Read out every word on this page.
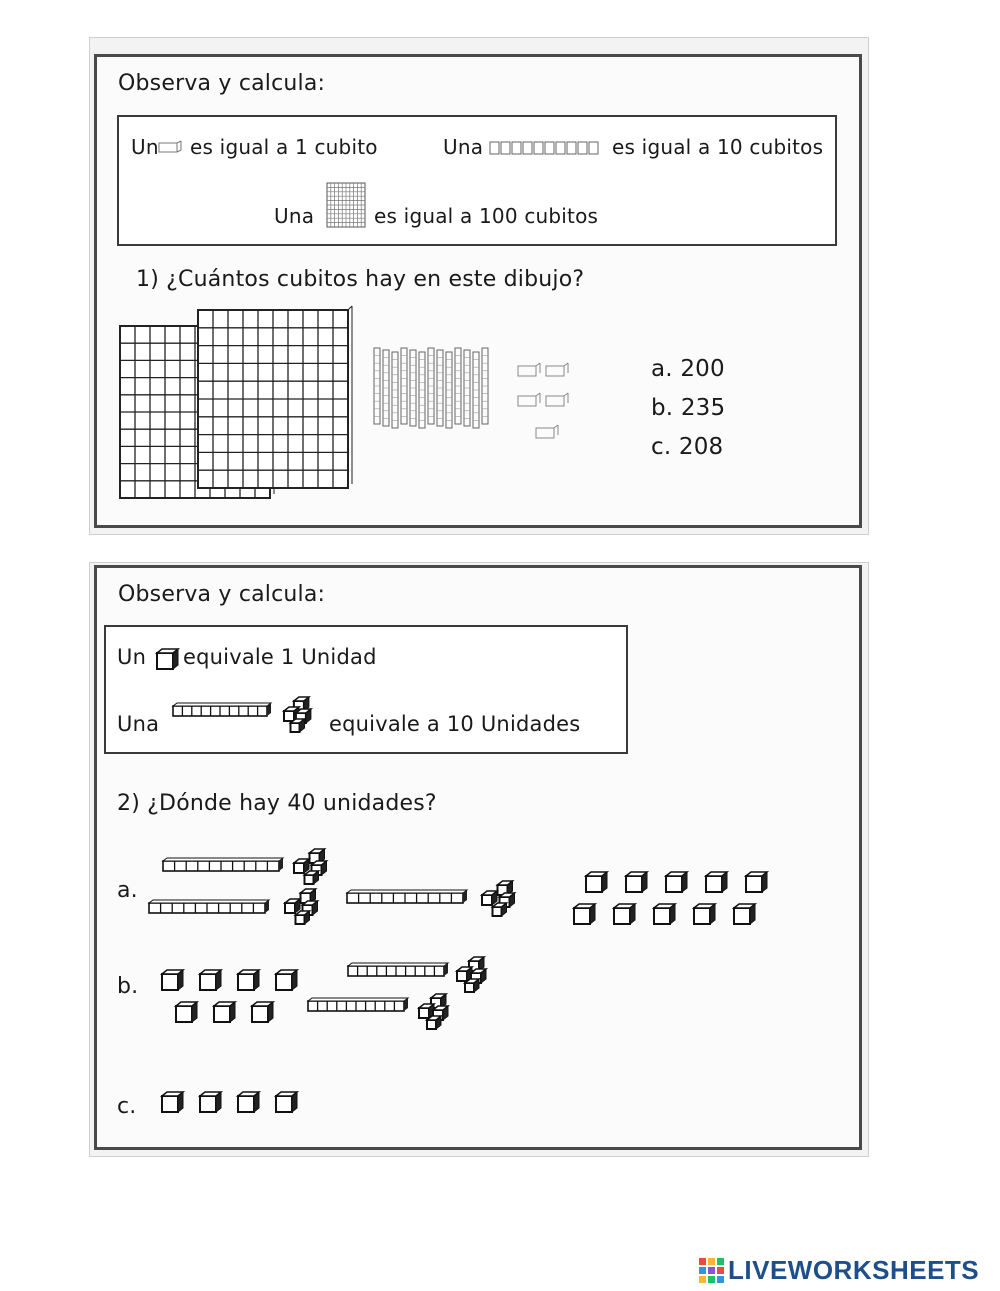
Observa y calcula:
Un es igual a 1 cubito	Una	es igual a 10 cubitos
Una	es igual a 100 cubitos
1) ¿Cuántos cubitos hay en este dibujo?
a. 200
b. 235
c. 208
Observa y calcula:
Un equivale 1 Unidad
Una	equivale a 10 Unidades
2) ¿Dónde hay 40 unidades?
a.
b.
c.
LIVEWORKSHEETS
